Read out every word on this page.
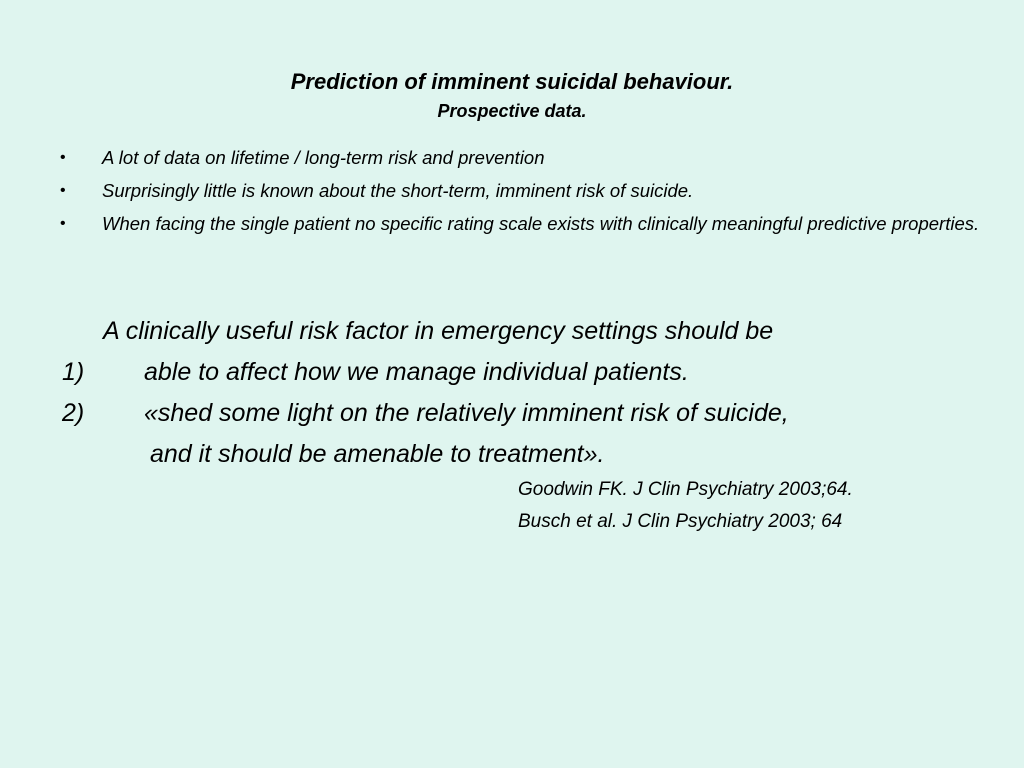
Prediction of imminent suicidal behaviour.
Prospective data.
• A lot of data on lifetime / long-term risk and prevention
• Surprisingly little is known about the short-term, imminent risk of suicide.
• When facing the single patient no specific rating scale exists with clinically meaningful predictive properties.
A clinically useful risk factor in emergency settings should be
1) able to affect how we manage individual patients.
2) «shed some light on the relatively imminent risk of suicide,
and it should be amenable to treatment».
Goodwin FK. J Clin Psychiatry 2003;64.
Busch et al. J Clin Psychiatry 2003; 64
